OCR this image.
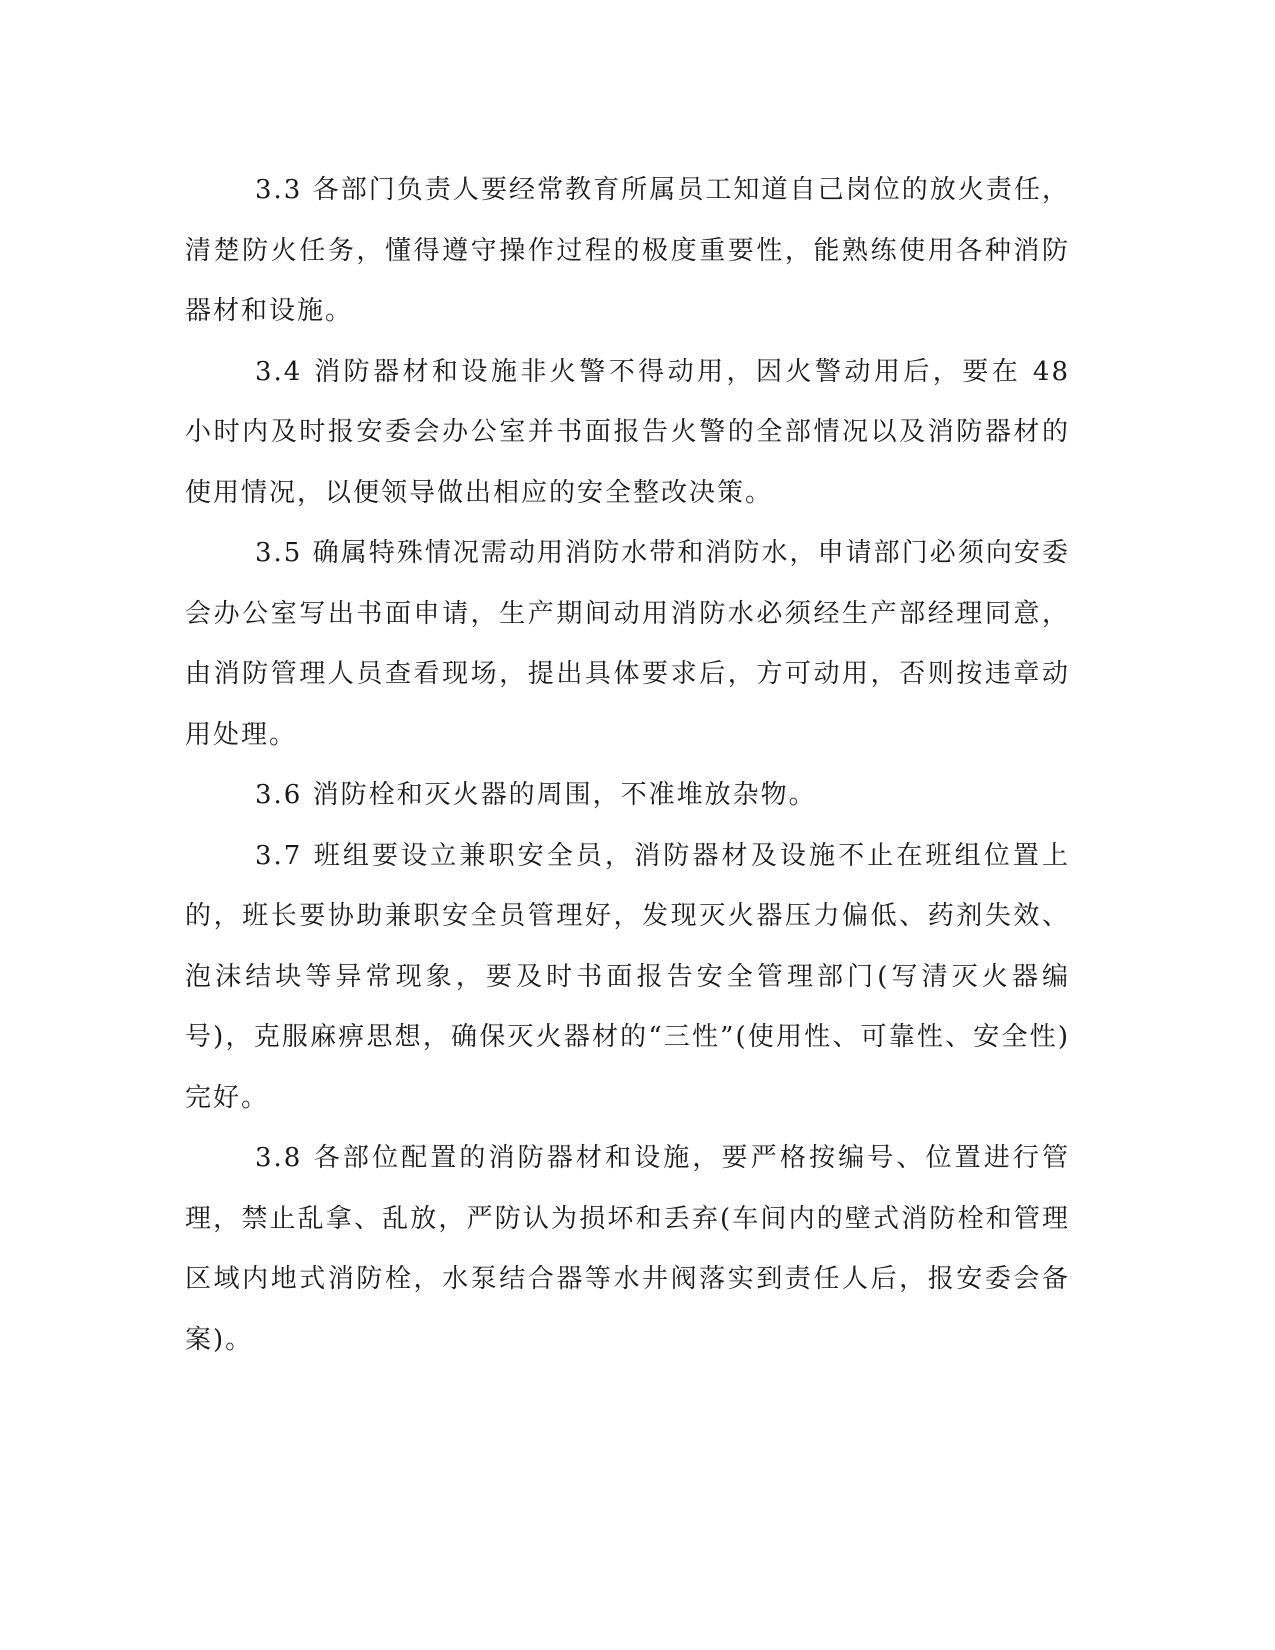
3.3 各部门负责人要经常教育所属员工知道自己岗位的放火责任，清楚防火任务，懂得遵守操作过程的极度重要性，能熟练使用各种消防器材和设施。

3.4 消防器材和设施非火警不得动用，因火警动用后，要在 48 小时内及时报安委会办公室并书面报告火警的全部情况以及消防器材的使用情况，以便领导做出相应的安全整改决策。

3.5 确属特殊情况需动用消防水带和消防水，申请部门必须向安委会办公室写出书面申请，生产期间动用消防水必须经生产部经理同意，由消防管理人员查看现场，提出具体要求后，方可动用，否则按违章动用处理。

3.6 消防栓和灭火器的周围，不准堆放杂物。

3.7 班组要设立兼职安全员，消防器材及设施不止在班组位置上的，班长要协助兼职安全员管理好，发现灭火器压力偏低、药剂失效、泡沫结块等异常现象，要及时书面报告安全管理部门(写清灭火器编号)，克服麻痹思想，确保灭火器材的“三性”(使用性、可靠性、安全性)完好。

3.8 各部位配置的消防器材和设施，要严格按编号、位置进行管理，禁止乱拿、乱放，严防认为损坏和丢弃(车间内的壁式消防栓和管理区域内地式消防栓，水泵结合器等水井阀落实到责任人后，报安委会备案)。
